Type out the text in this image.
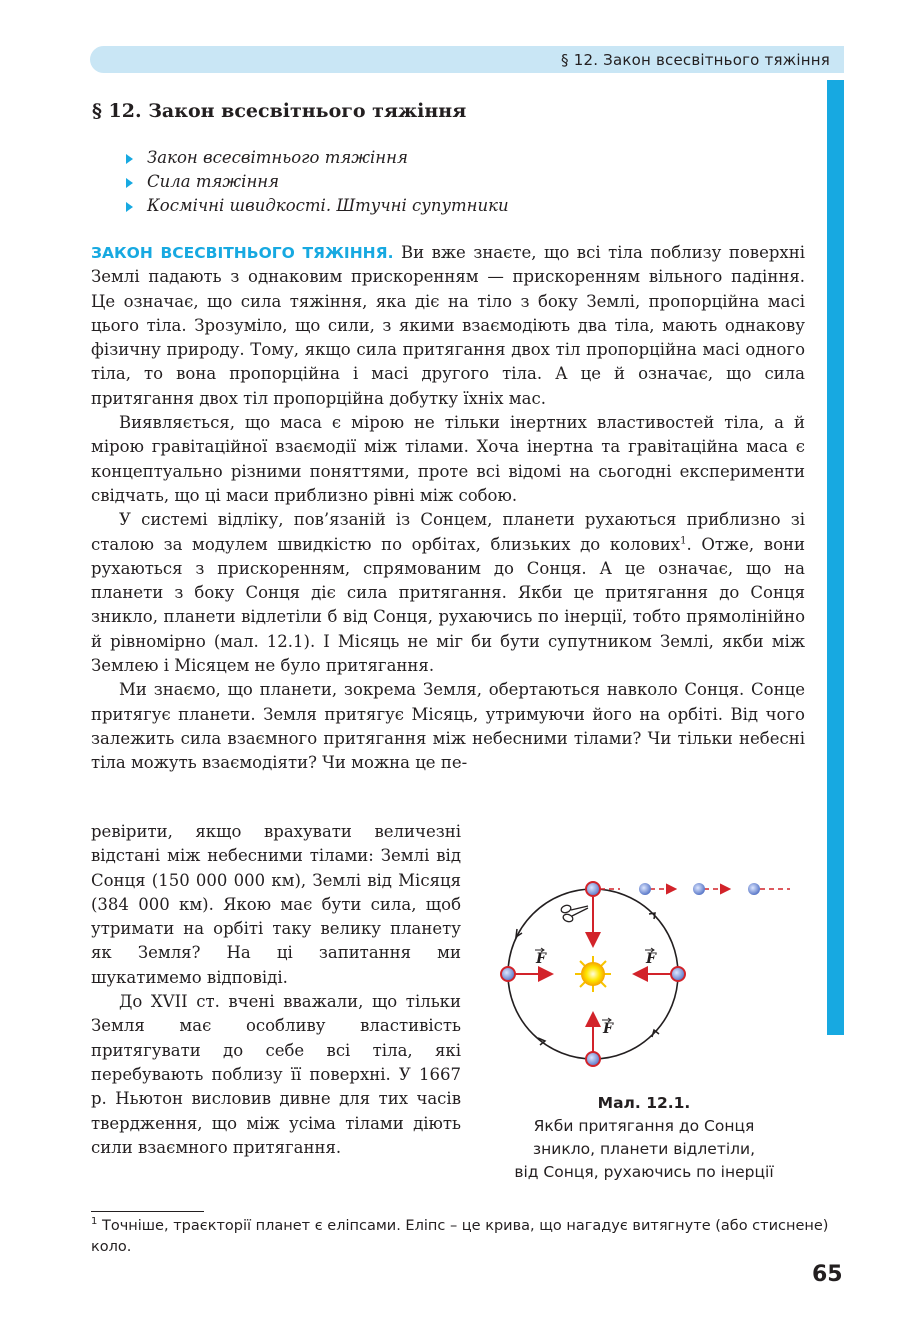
§ 12. Закон всесвітнього тяжіння
§ 12. Закон всесвітнього тяжіння
Закон всесвітнього тяжіння
Сила тяжіння
Космічні швидкості. Штучні супутники

ЗАКОН ВСЕСВІТНЬОГО ТЯЖІННЯ. Ви вже знаєте, що всі тіла поблизу поверхні Землі падають з однаковим прискоренням — прискоренням вільного падіння. Це означає, що сила тяжіння, яка діє на тіло з боку Землі, пропорційна масі цього тіла. Зрозуміло, що сили, з якими взаємодіють два тіла, мають однакову фізичну природу. Тому, якщо сила притягання двох тіл пропорційна масі одного тіла, то вона пропорційна і масі другого тіла. А це й означає, що сила притягання двох тіл пропорційна добутку їхніх мас.

Виявляється, що маса є мірою не тільки інертних властивостей тіла, а й мірою гравітаційної взаємодії між тілами. Хоча інертна та гравітаційна маса є концептуально різними поняттями, проте всі відомі на сьогодні експерименти свідчать, що ці маси приблизно рівні між собою.

У системі відліку, пов’язаній із Сонцем, планети рухаються приблизно зі сталою за модулем швидкістю по орбітах, близьких до колових$^1$. Отже, вони рухаються з прискоренням, спрямованим до Сонця. А це означає, що на планети з боку Сонця діє сила притягання. Якби це притягання до Сонця зникло, планети відлетіли б від Сонця, рухаючись по інерції, тобто прямолінійно й рівномірно (мал. 12.1). І Місяць не міг би бути супутником Землі, якби між Землею і Місяцем не було притягання.

Ми знаємо, що планети, зокрема Земля, обертаються навколо Сонця. Сонце притягує планети. Земля притягує Місяць, утримуючи його на орбіті. Від чого залежить сила взаємного притягання між небесними тілами? Чи тільки небесні тіла можуть взаємодіяти? Чи можна це пе-

ревірити, якщо врахувати величезні відстані між небесними тілами: Землі від Сонця (150 000 000 км), Землі від Місяця (384 000 км). Якою має бути сила, щоб утримати на орбіті таку велику планету як Земля? На ці запитання ми шукатимемо відповіді.

До XVII ст. вчені вважали, що тільки Земля має особливу властивість притягувати до себе всі тіла, які перебувають поблизу її поверхні. У 1667 р. Ньютон висловив дивне для тих часів твердження, що між усіма тілами діють сили взаємного притягання.

F	F
F
Мал. 12.1.
Якби притягання до Сонця
зникло, планети відлетіли,
від Сонця, рухаючись по інерції
$^1$ Точніше, траєкторії планет є еліпсами. Еліпс – це крива, що нагадує витягнуте (або стиснене) коло.
65
